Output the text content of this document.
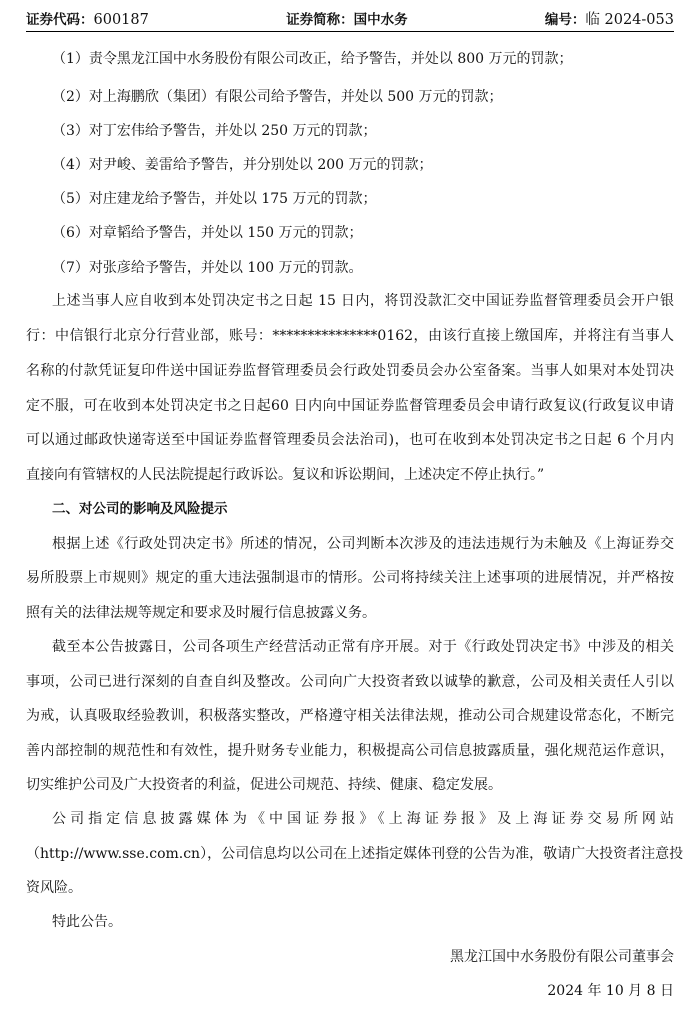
证券代码：600187	证券简称：国中水务	编号：临 2024-053
（1）责令黑龙江国中水务股份有限公司改正，给予警告，并处以 800 万元的罚款；
（2）对上海鹏欣（集团）有限公司给予警告，并处以 500 万元的罚款；
（3）对丁宏伟给予警告，并处以 250 万元的罚款；
（4）对尹峻、姜雷给予警告，并分别处以 200 万元的罚款；
（5）对庄建龙给予警告，并处以 175 万元的罚款；
（6）对章韬给予警告，并处以 150 万元的罚款；
（7）对张彦给予警告，并处以 100 万元的罚款。
上述当事人应自收到本处罚决定书之日起 15 日内，将罚没款汇交中国证券监督管理委员会开户银
行：中信银行北京分行营业部，账号：***************0162，由该行直接上缴国库，并将注有当事人
名称的付款凭证复印件送中国证券监督管理委员会行政处罚委员会办公室备案。当事人如果对本处罚决
定不服，可在收到本处罚决定书之日起60 日内向中国证券监督管理委员会申请行政复议(行政复议申请
可以通过邮政快递寄送至中国证券监督管理委员会法治司)，也可在收到本处罚决定书之日起 6 个月内
直接向有管辖权的人民法院提起行政诉讼。复议和诉讼期间，上述决定不停止执行。”
二、对公司的影响及风险提示
根据上述《行政处罚决定书》所述的情况，公司判断本次涉及的违法违规行为未触及《上海证券交
易所股票上市规则》规定的重大违法强制退市的情形。公司将持续关注上述事项的进展情况，并严格按
照有关的法律法规等规定和要求及时履行信息披露义务。
截至本公告披露日，公司各项生产经营活动正常有序开展。对于《行政处罚决定书》中涉及的相关
事项，公司已进行深刻的自查自纠及整改。公司向广大投资者致以诚挚的歉意，公司及相关责任人引以
为戒，认真吸取经验教训，积极落实整改，严格遵守相关法律法规，推动公司合规建设常态化，不断完
善内部控制的规范性和有效性，提升财务专业能力，积极提高公司信息披露质量，强化规范运作意识，
切实维护公司及广大投资者的利益，促进公司规范、持续、健康、稳定发展。
公司指定信息披露媒体为《中国证券报》《上海证券报》及上海证券交易所网站
（http://www.sse.com.cn），公司信息均以公司在上述指定媒体刊登的公告为准，敬请广大投资者注意投
资风险。
特此公告。
黑龙江国中水务股份有限公司董事会
2024 年 10 月 8 日
